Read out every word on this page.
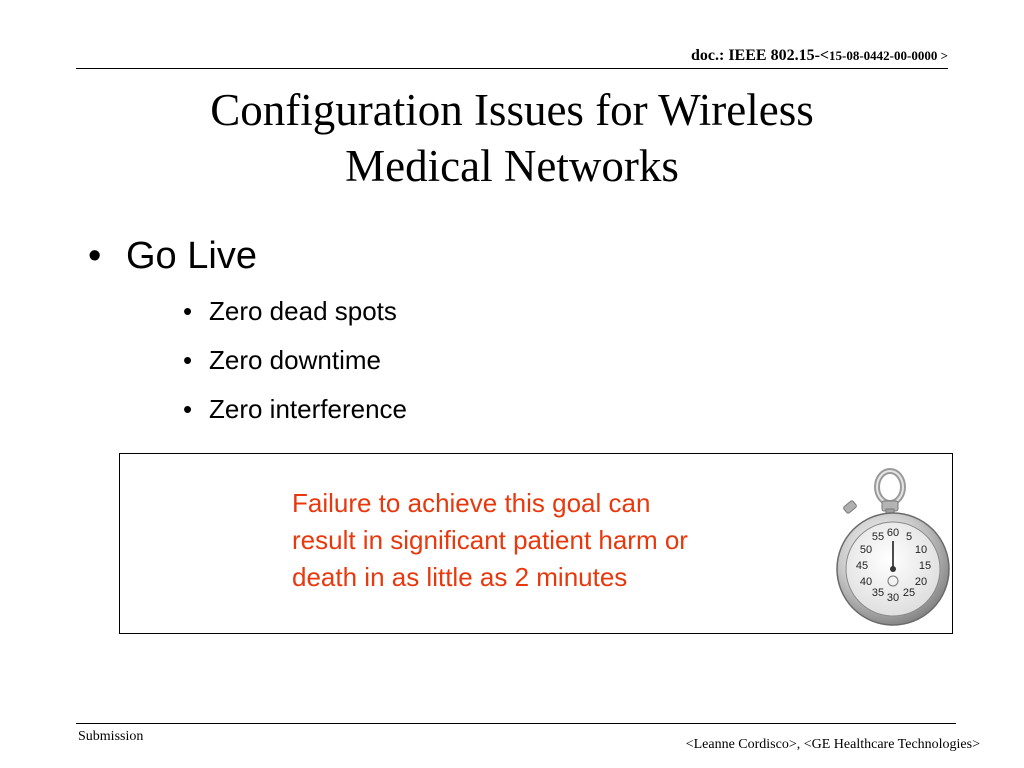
doc.: IEEE 802.15-<15-08-0442-00-0000 >
Configuration Issues for Wireless
Medical Networks
• Go Live
• Zero dead spots
• Zero downtime
• Zero interference
Failure to achieve this goal can
result in significant patient harm or
death in as little as 2 minutes
60 5
10
15
20
25
30
35
40
45
50
55
Submission
<Leanne Cordisco>, <GE Healthcare Technologies>
